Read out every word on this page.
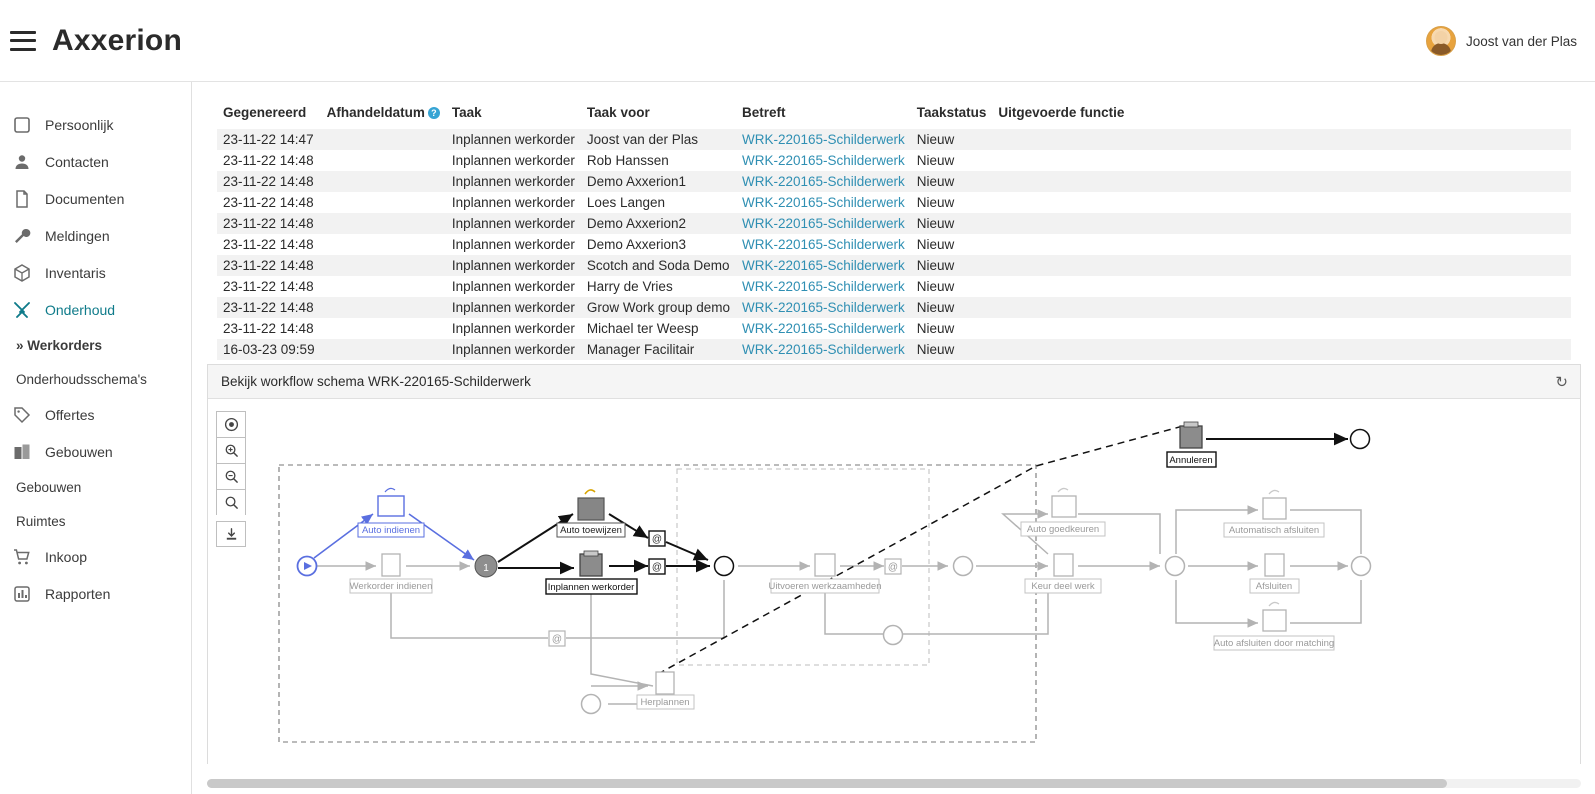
Axxerion	Joost van der Plas
Persoonlijk
Contacten
Documenten
Meldingen
Inventaris
Onderhoud
» Werkorders
Onderhoudsschema's
Offertes
Gebouwen
Gebouwen
Ruimtes
Inkoop
Rapporten
Gegenereerd	Afhandeldatum ?	Taak	Taak voor	Betreft	Taakstatus	Uitgevoerde functie
23-11-22 14:47		Inplannen werkorder	Joost van der Plas	WRK-220165-Schilderwerk	Nieuw	
23-11-22 14:48		Inplannen werkorder	Rob Hanssen	WRK-220165-Schilderwerk	Nieuw	
23-11-22 14:48		Inplannen werkorder	Demo Axxerion1	WRK-220165-Schilderwerk	Nieuw	
23-11-22 14:48		Inplannen werkorder	Loes Langen	WRK-220165-Schilderwerk	Nieuw	
23-11-22 14:48		Inplannen werkorder	Demo Axxerion2	WRK-220165-Schilderwerk	Nieuw	
23-11-22 14:48		Inplannen werkorder	Demo Axxerion3	WRK-220165-Schilderwerk	Nieuw	
23-11-22 14:48		Inplannen werkorder	Scotch and Soda Demo	WRK-220165-Schilderwerk	Nieuw	
23-11-22 14:48		Inplannen werkorder	Harry de Vries	WRK-220165-Schilderwerk	Nieuw	
23-11-22 14:48		Inplannen werkorder	Grow Work group demo	WRK-220165-Schilderwerk	Nieuw	
23-11-22 14:48		Inplannen werkorder	Michael ter Weesp	WRK-220165-Schilderwerk	Nieuw	
16-03-23 09:59		Inplannen werkorder	Manager Facilitair	WRK-220165-Schilderwerk	Nieuw	

Bekijk workflow schema WRK-220165-Schilderwerk	↻
1
@
@
@
@
Auto indienen
Werkorder indienen
Auto toewijzen
Inplannen werkorder
Herplannen
Uitvoeren werkzaamheden
Auto goedkeuren
Keur deel werk
Annuleren
Automatisch afsluiten
Afsluiten
Auto afsluiten door matching
